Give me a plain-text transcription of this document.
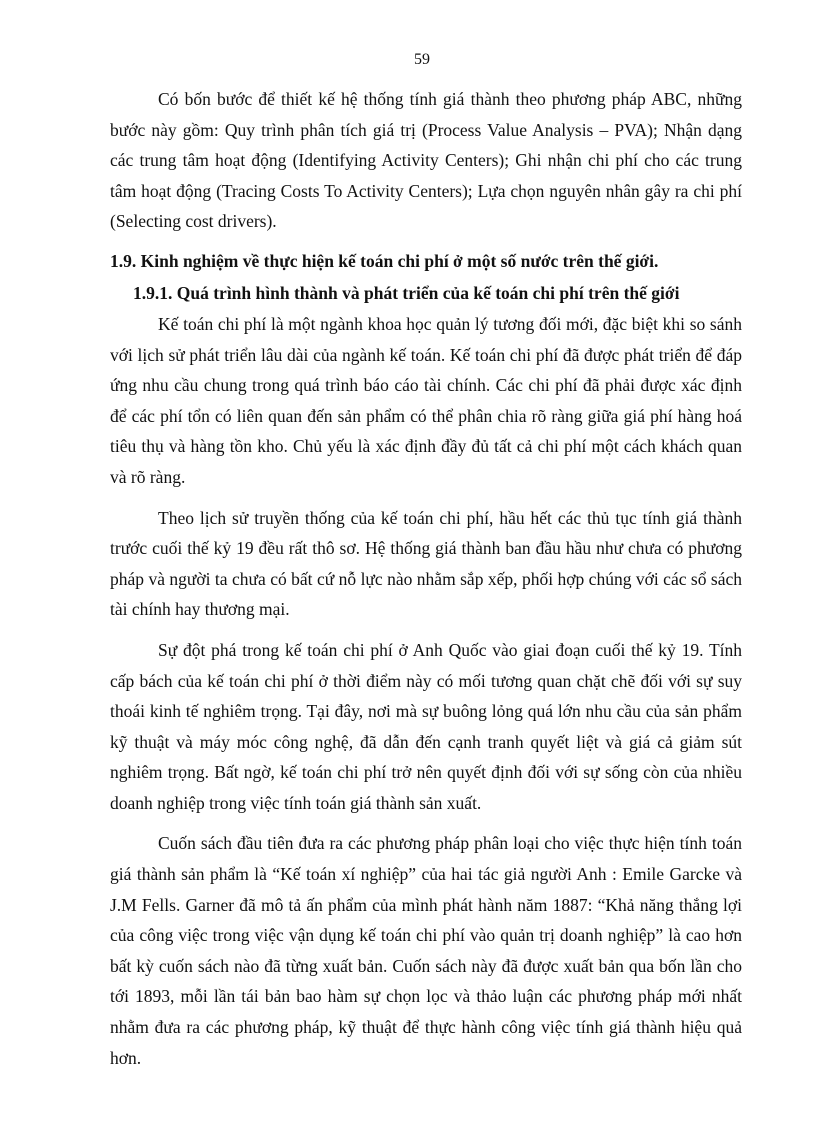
59

Có bốn bước để thiết kế hệ thống tính giá thành theo phương pháp ABC, những bước này gồm: Quy trình phân tích giá trị (Process Value Analysis – PVA); Nhận dạng các trung tâm hoạt động (Identifying Activity Centers); Ghi nhận chi phí cho các trung tâm hoạt động (Tracing Costs To Activity Centers); Lựa chọn nguyên nhân gây ra chi phí (Selecting cost drivers).

1.9. Kinh nghiệm về thực hiện kế toán chi phí ở một số nước trên thế giới.
1.9.1. Quá trình hình thành và phát triển của kế toán chi phí trên thế giới

Kế toán chi phí là một ngành khoa học quản lý tương đối mới, đặc biệt khi so sánh với lịch sử phát triển lâu dài của ngành kế toán. Kế toán chi phí đã được phát triển để đáp ứng nhu cầu chung trong quá trình báo cáo tài chính. Các chi phí đã phải được xác định để các phí tổn có liên quan đến sản phẩm có thể phân chia rõ ràng giữa giá phí hàng hoá tiêu thụ và hàng tồn kho. Chủ yếu là xác định đầy đủ tất cả chi phí một cách khách quan và rõ ràng.

Theo lịch sử truyền thống của kế toán chi phí, hầu hết các thủ tục tính giá thành trước cuối thế kỷ 19 đều rất thô sơ. Hệ thống giá thành ban đầu hầu như chưa có phương pháp và người ta chưa có bất cứ nỗ lực nào nhằm sắp xếp, phối hợp chúng với các sổ sách tài chính hay thương mại.

Sự đột phá trong kế toán chi phí ở Anh Quốc vào giai đoạn cuối thế kỷ 19. Tính cấp bách của kế toán chi phí ở thời điểm này có mối tương quan chặt chẽ đối với sự suy thoái kinh tế nghiêm trọng. Tại đây, nơi mà sự buông lỏng quá lớn nhu cầu của sản phẩm kỹ thuật và máy móc công nghệ, đã dẫn đến cạnh tranh quyết liệt và giá cả giảm sút nghiêm trọng. Bất ngờ, kế toán chi phí trở nên quyết định đối với sự sống còn của nhiều doanh nghiệp trong việc tính toán giá thành sản xuất.

Cuốn sách đầu tiên đưa ra các phương pháp phân loại cho việc thực hiện tính toán giá thành sản phẩm là “Kế toán xí nghiệp” của hai tác giả người Anh : Emile Garcke và J.M Fells. Garner đã mô tả ấn phẩm của mình phát hành năm 1887: “Khả năng thắng lợi của công việc trong việc vận dụng kế toán chi phí vào quản trị doanh nghiệp” là cao hơn bất kỳ cuốn sách nào đã từng xuất bản. Cuốn sách này đã được xuất bản qua bốn lần cho tới 1893, mỗi lần tái bản bao hàm sự chọn lọc và thảo luận các phương pháp mới nhất nhằm đưa ra các phương pháp, kỹ thuật để thực hành công việc tính giá thành hiệu quả hơn.
